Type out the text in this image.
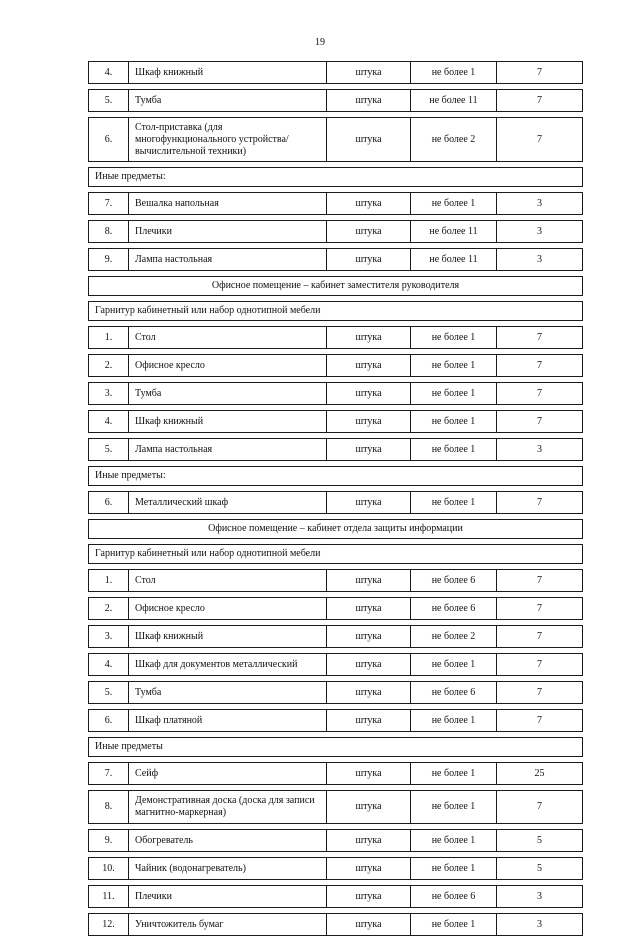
19
4.	Шкаф книжный	штука	не более 1	7

5.	Тумба	штука	не более 11	7

6.	Стол-приставка (для многофункционального устройства/вычислительной техники)	штука	не более 2	7

Иные предметы:				

7.	Вешалка напольная	штука	не более 1	3

8.	Плечики	штука	не более 11	3

9.	Лампа настольная	штука	не более 11	3

Офисное помещение – кабинет заместителя руководителя				

Гарнитур кабинетный или набор однотипной мебели				

1.	Стол	штука	не более 1	7

2.	Офисное кресло	штука	не более 1	7

3.	Тумба	штука	не более 1	7

4.	Шкаф книжный	штука	не более 1	7

5.	Лампа настольная	штука	не более 1	3

Иные предметы:				

6.	Металлический шкаф	штука	не более 1	7

Офисное помещение – кабинет отдела защиты информации				

Гарнитур кабинетный или набор однотипной мебели				

1.	Стол	штука	не более 6	7

2.	Офисное кресло	штука	не более 6	7

3.	Шкаф книжный	штука	не более 2	7

4.	Шкаф для документов металлический	штука	не более 1	7

5.	Тумба	штука	не более 6	7

6.	Шкаф платяной	штука	не более 1	7

Иные предметы				

7.	Сейф	штука	не более 1	25

8.	Демонстративная доска (доска для записи магнитно-маркерная)	штука	не более 1	7

9.	Обогреватель	штука	не более 1	5

10.	Чайник (водонагреватель)	штука	не более 1	5

11.	Плечики	штука	не более 6	3

12.	Уничтожитель бумаг	штука	не более 1	3
